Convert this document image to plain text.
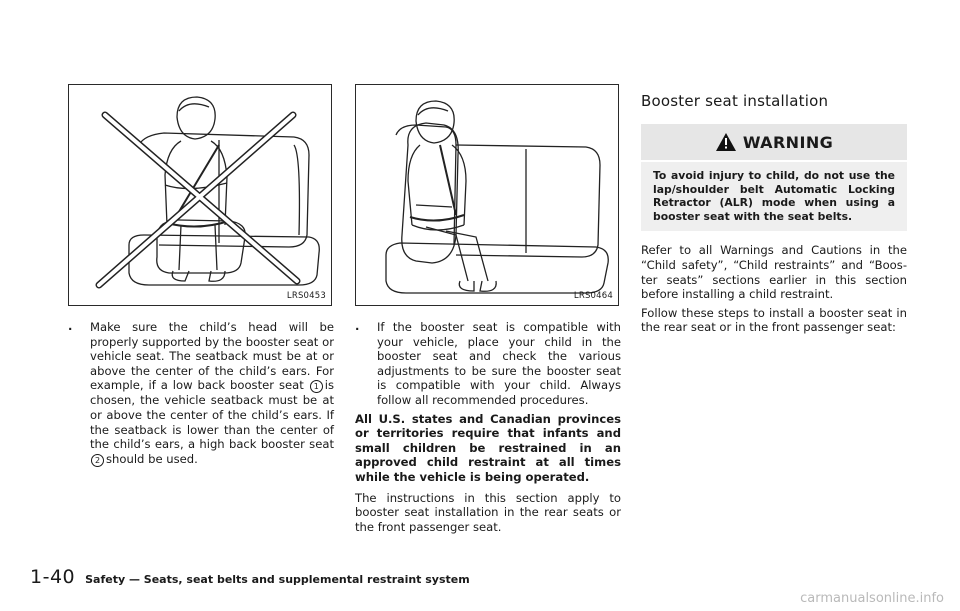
LRS0453
. Make sure the child’s head will be properly supported by the booster seat or vehicle seat. The seatback must be at or above the center of the child’s ears. For example, if a low back booster seat 1 is chosen, the vehicle seatback must be at or above the center of the child’s ears. If the seatback is lower than the center of the child’s ears, a high back booster seat 2 should be used.
LRS0464
. If the booster seat is compatible with your vehicle, place your child in the booster seat and check the various adjustments to be sure the booster seat is compatible with your child. Always follow all recommended procedures.

All U.S. states and Canadian provinces or territories require that infants and small children be restrained in an approved child restraint at all times while the vehicle is being operated.

The instructions in this section apply to booster seat installation in the rear seats or the front passenger seat.

Booster seat installation
WARNING
To avoid injury to child, do not use the lap/shoulder belt Automatic Locking Retractor (ALR) mode when using a booster seat with the seat belts.

Refer to all Warnings and Cautions in the “Child safety”, “Child restraints” and “Booster seats” sections earlier in this section before installing a child restraint.

Follow these steps to install a booster seat in the rear seat or in the front passenger seat:

1-40 Safety — Seats, seat belts and supplemental restraint system
carmanualsonline.info
